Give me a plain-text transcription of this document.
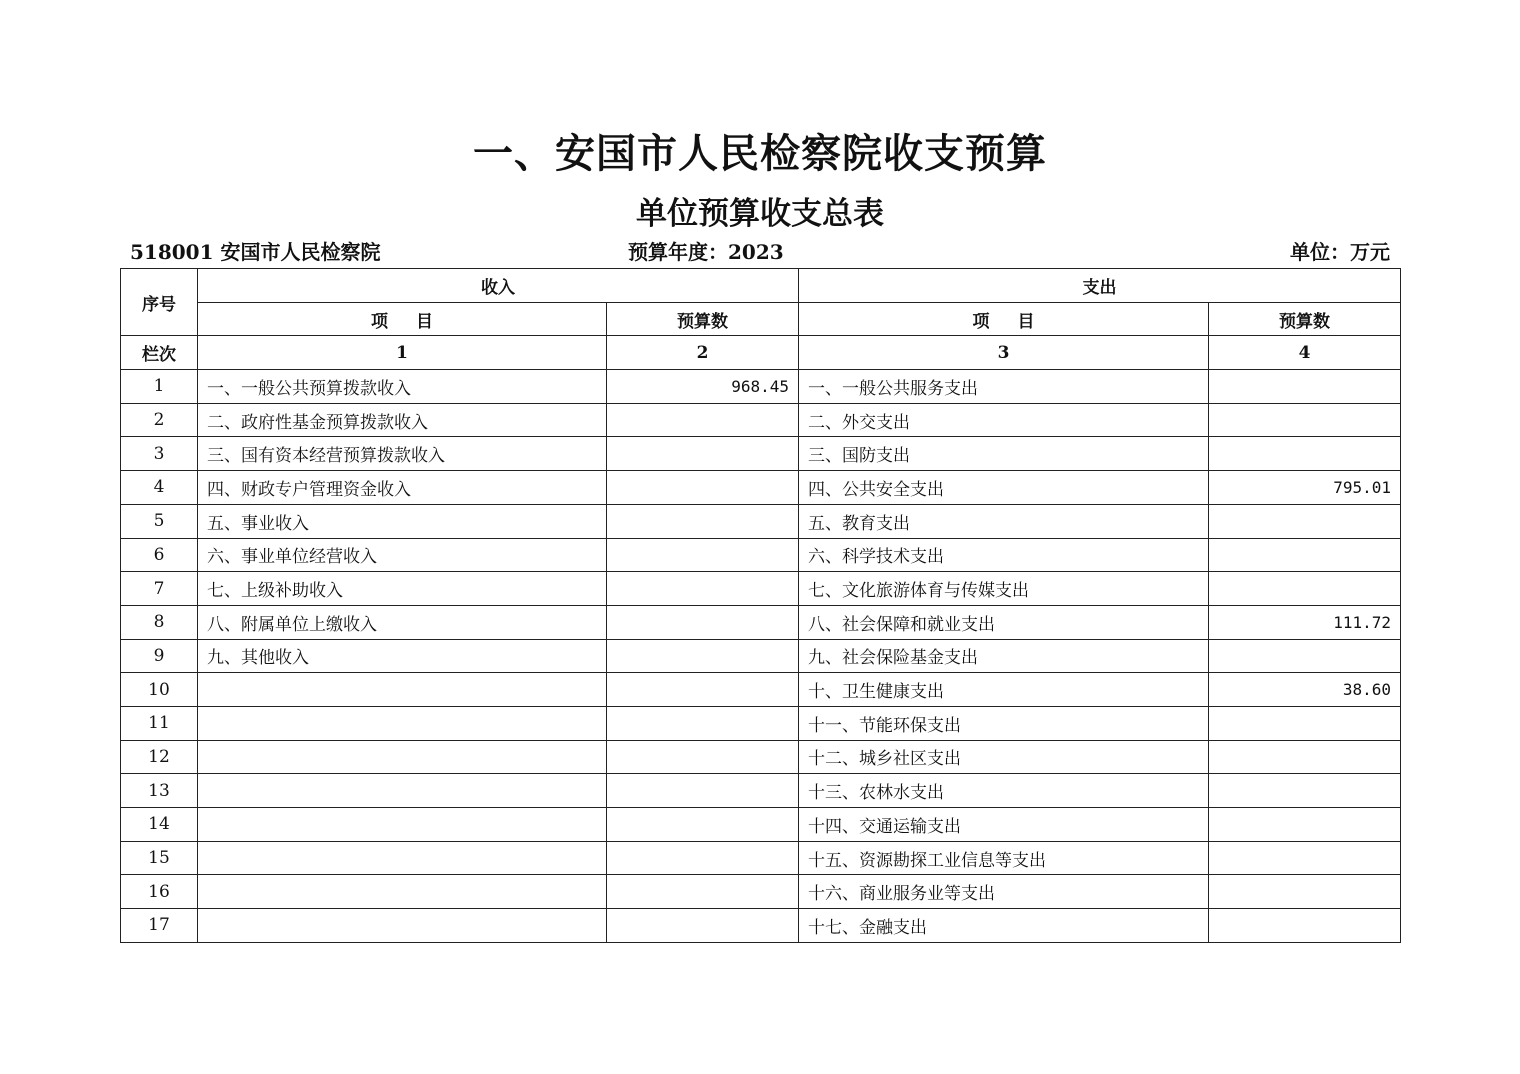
一、安国市人民检察院收支预算
单位预算收支总表
518001 安国市人民检察院	预算年度：2023	单位：万元
序号	收入		支出	
	项 目	预算数	项 目	预算数
栏次	1	2	3	4
1	一、一般公共预算拨款收入	968.45	一、一般公共服务支出	
2	二、政府性基金预算拨款收入		二、外交支出	
3	三、国有资本经营预算拨款收入		三、国防支出	
4	四、财政专户管理资金收入		四、公共安全支出	795.01
5	五、事业收入		五、教育支出	
6	六、事业单位经营收入		六、科学技术支出	
7	七、上级补助收入		七、文化旅游体育与传媒支出	
8	八、附属单位上缴收入		八、社会保障和就业支出	111.72
9	九、其他收入		九、社会保险基金支出	
10			十、卫生健康支出	38.60
11			十一、节能环保支出	
12			十二、城乡社区支出	
13			十三、农林水支出	
14			十四、交通运输支出	
15			十五、资源勘探工业信息等支出	
16			十六、商业服务业等支出	
17			十七、金融支出	
